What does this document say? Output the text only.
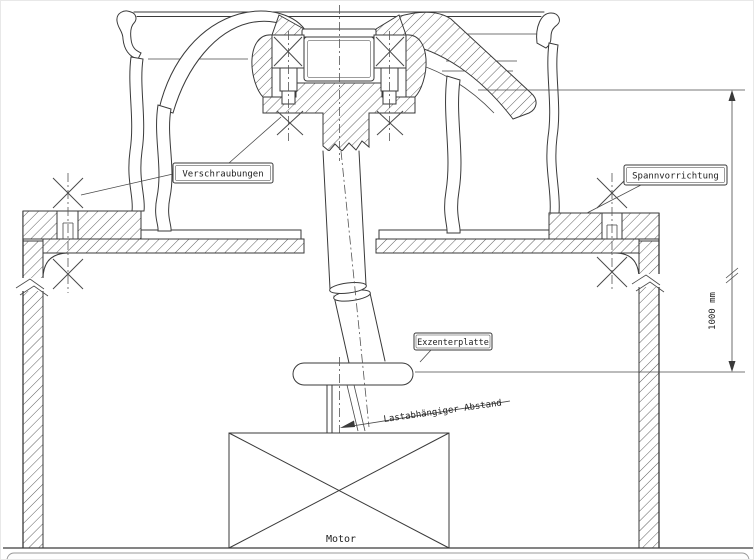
Motor
1000 mm
Verschraubungen	Spannvorrichtung
Exzenterplatte
Lastabhängiger Abstand
